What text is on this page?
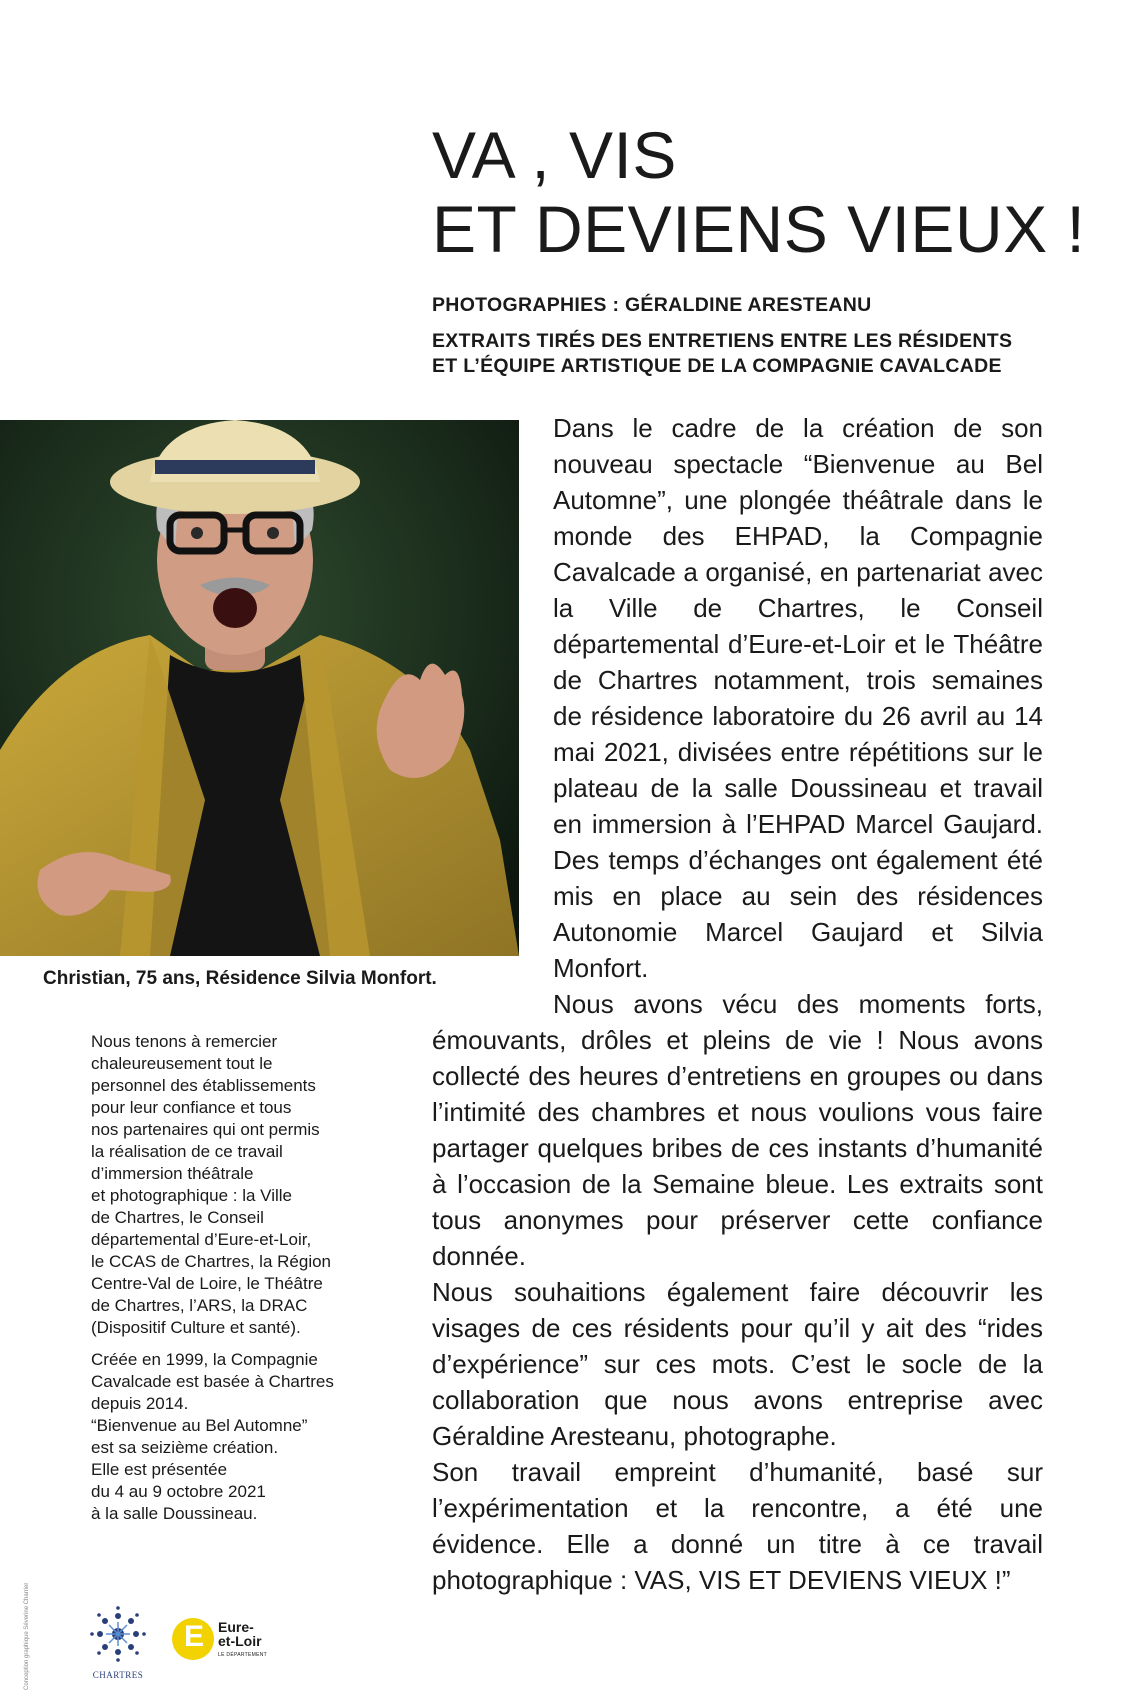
VA , VIS
ET DEVIENS VIEUX !
PHOTOGRAPHIES : GÉRALDINE ARESTEANU
EXTRAITS TIRÉS DES ENTRETIENS ENTRE LES RÉSIDENTS
ET L’ÉQUIPE ARTISTIQUE DE LA COMPAGNIE CAVALCADE
Christian, 75 ans, Résidence Silvia Monfort.
Dans le cadre de la création de son nouveau spectacle “Bienvenue au Bel Automne”, une plongée théâtrale dans le monde des EHPAD, la Compagnie Cavalcade a organisé, en partenariat avec la Ville de Chartres, le Conseil départemental d’Eure-et-Loir et le Théâtre de Chartres notamment, trois semaines de résidence laboratoire du 26 avril au 14 mai 2021, divisées entre répétitions sur le plateau de la salle Doussineau et travail en immersion à l’EHPAD Marcel Gaujard. Des temps d’échanges ont également été mis en place au sein des résidences Autonomie Marcel Gaujard et Silvia Monfort.

Nous avons vécu des moments forts, émouvants, drôles et pleins de vie ! Nous avons collecté des heures d’entretiens en groupes ou dans l’intimité des chambres et nous voulions vous faire partager quelques bribes de ces instants d’humanité à l’occasion de la Semaine bleue. Les extraits sont tous anonymes pour préserver cette confiance donnée.

Nous souhaitions également faire découvrir les visages de ces résidents pour qu’il y ait des “rides d’expérience” sur ces mots. C’est le socle de la collaboration que nous avons entreprise avec Géraldine Aresteanu, photographe.

Son travail empreint d’humanité, basé sur l’expérimentation et la rencontre, a été une évidence. Elle a donné un titre à ce travail photographique : VAS, VIS ET DEVIENS VIEUX !”

Nous tenons à remercier
chaleureusement tout le
personnel des établissements
pour leur confiance et tous
nos partenaires qui ont permis
la réalisation de ce travail
d’immersion théâtrale
et photographique : la Ville
de Chartres, le Conseil
départemental d’Eure-et-Loir,
le CCAS de Chartres, la Région
Centre-Val de Loire, le Théâtre
de Chartres, l’ARS, la DRAC
(Dispositif Culture et santé).
Créée en 1999, la Compagnie
Cavalcade est basée à Chartres
depuis 2014.
“Bienvenue au Bel Automne”
est sa seizième création.
Elle est présentée
du 4 au 9 octobre 2021
à la salle Doussineau.
Conception graphique Séverine Charrier	CHARTRES
E Eure-
et-Loir
LE DÉPARTEMENT
